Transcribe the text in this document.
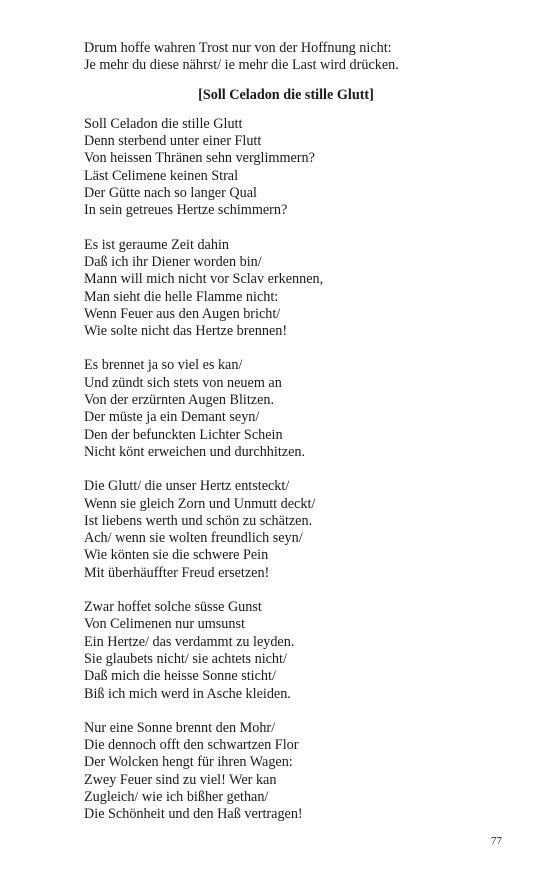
Drum hoffe wahren Trost nur von der Hoffnung nicht:
Je mehr du diese nährst/ ie mehr die Last wird drücken.
[Soll Celadon die stille Glutt]
Soll Celadon die stille Glutt
Denn sterbend unter einer Flutt
Von heissen Thränen sehn verglimmern?
Läst Celimene keinen Stral
Der Gütte nach so langer Qual
In sein getreues Hertze schimmern?
Es ist geraume Zeit dahin
Daß ich ihr Diener worden bin/
Mann will mich nicht vor Sclav erkennen,
Man sieht die helle Flamme nicht:
Wenn Feuer aus den Augen bricht/
Wie solte nicht das Hertze brennen!
Es brennet ja so viel es kan/
Und zündt sich stets von neuem an
Von der erzürnten Augen Blitzen.
Der müste ja ein Demant seyn/
Den der befunckten Lichter Schein
Nicht könt erweichen und durchhitzen.
Die Glutt/ die unser Hertz entsteckt/
Wenn sie gleich Zorn und Unmutt deckt/
Ist liebens werth und schön zu schätzen.
Ach/ wenn sie wolten freundlich seyn/
Wie könten sie die schwere Pein
Mit überhäuffter Freud ersetzen!
Zwar hoffet solche süsse Gunst
Von Celimenen nur umsunst
Ein Hertze/ das verdammt zu leyden.
Sie glaubets nicht/ sie achtets nicht/
Daß mich die heisse Sonne sticht/
Biß ich mich werd in Asche kleiden.
Nur eine Sonne brennt den Mohr/
Die dennoch offt den schwartzen Flor
Der Wolcken hengt für ihren Wagen:
Zwey Feuer sind zu viel! Wer kan
Zugleich/ wie ich bißher gethan/
Die Schönheit und den Haß vertragen!
77
